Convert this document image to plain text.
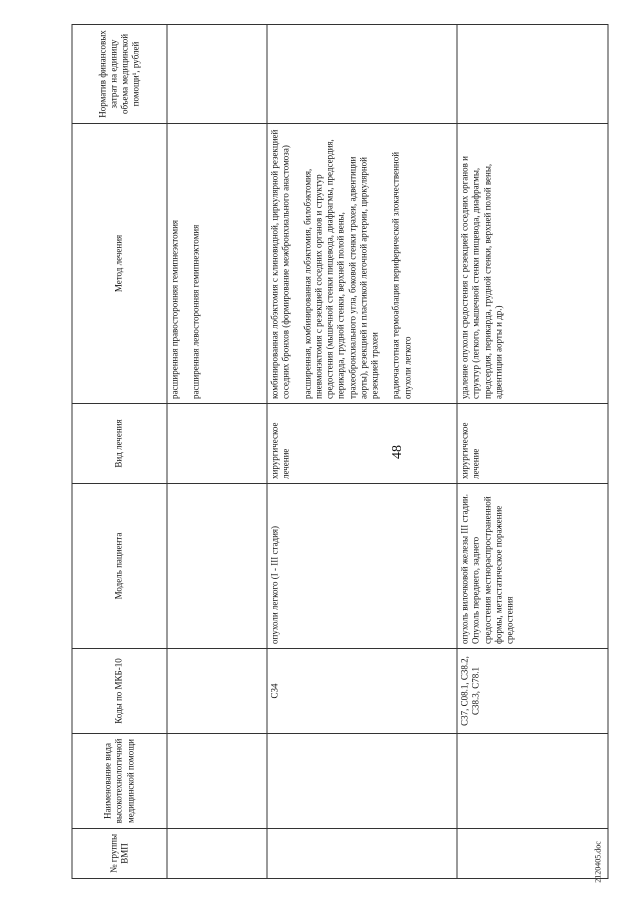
48
№ группы ВМП	Наименование вида высокотехнологичной медицинской помощи	Коды по МКБ-10	Модель пациента	Вид лечения	Метод лечения	Норматив финансовых затрат на единицу объема медицинской помощи¹, рублей

					расширенная правосторонняя гемипнеэктомия расширенная левосторонняя гемипнеэктомия	

		C34	опухоли легкого (I - III стадия)	хирургическое лечение	комбинированная лобэктомия с клиновидной, циркулярной резекцией соседних бронхов (формирование межбронхиального анастомоза) расширенная, комбинированная лобэктомия, билобэктомия, пневмонэктомия с резекцией соседних органов и структур средостения (мышечной стенки пищевода, диафрагмы, предсердия, перикарда, грудной стенки, верхней полой вены, трахеобронхиального угла, боковой стенки трахеи, адвентиции аорты), резекцией и пластикой легочной артерии, циркулярной резекцией трахеи радиочастотная термоаблация периферической злокачественной опухоли легкого	

		C37, C08.1, C38.2, C38.3, C78.1	опухоль вилочковой железы III стадии. Опухоль переднего, заднего средостения местнораспространенной формы, метастатическое поражение средостения	хирургическое лечение	удаление опухоли средостения с резекцией соседних органов и структур (легкого, мышечной стенки пищевода, диафрагмы, предсердия, перикарда, грудной стенки, верхней полой вены, адвентиции аорты и др.)	

2120405.doc
